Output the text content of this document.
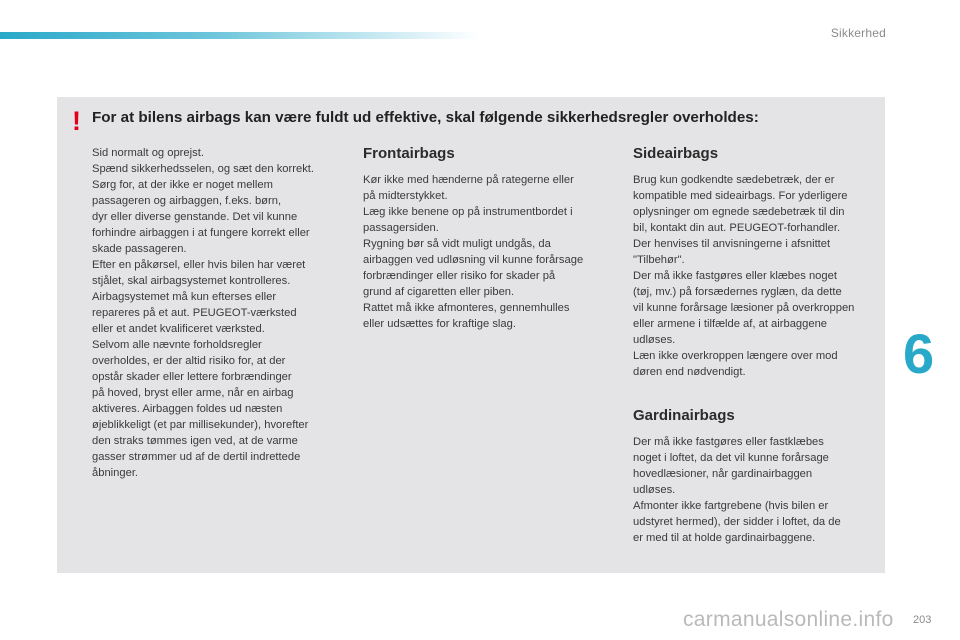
Sikkerhed
! For at bilens airbags kan være fuldt ud effektive, skal følgende sikkerhedsregler overholdes:

Sid normalt og oprejst.

Spænd sikkerhedsselen, og sæt den korrekt.

Sørg for, at der ikke er noget mellem

passageren og airbaggen, f.eks. børn,

dyr eller diverse genstande. Det vil kunne

forhindre airbaggen i at fungere korrekt eller

skade passageren.

Efter en påkørsel, eller hvis bilen har været

stjålet, skal airbagsystemet kontrolleres.

Airbagsystemet må kun efterses eller

repareres på et aut. PEUGEOT-værksted

eller et andet kvalificeret værksted.

Selvom alle nævnte forholdsregler

overholdes, er der altid risiko for, at der

opstår skader eller lettere forbrændinger

på hoved, bryst eller arme, når en airbag

aktiveres. Airbaggen foldes ud næsten

øjeblikkeligt (et par millisekunder), hvorefter

den straks tømmes igen ved, at de varme

gasser strømmer ud af de dertil indrettede

åbninger.

Frontairbags

Kør ikke med hænderne på rategerne eller

på midterstykket.

Læg ikke benene op på instrumentbordet i

passagersiden.

Rygning bør så vidt muligt undgås, da

airbaggen ved udløsning vil kunne forårsage

forbrændinger eller risiko for skader på

grund af cigaretten eller piben.

Rattet må ikke afmonteres, gennemhulles

eller udsættes for kraftige slag.

Sideairbags

Brug kun godkendte sædebetræk, der er

kompatible med sideairbags. For yderligere

oplysninger om egnede sædebetræk til din

bil, kontakt din aut. PEUGEOT-forhandler.

Der henvises til anvisningerne i afsnittet

"Tilbehør".

Der må ikke fastgøres eller klæbes noget

(tøj, mv.) på forsædernes ryglæn, da dette

vil kunne forårsage læsioner på overkroppen

eller armene i tilfælde af, at airbaggene

udløses.

Læn ikke overkroppen længere over mod

døren end nødvendigt.

Gardinairbags

Der må ikke fastgøres eller fastklæbes

noget i loftet, da det vil kunne forårsage

hovedlæsioner, når gardinairbaggen

udløses.

Afmonter ikke fartgrebene (hvis bilen er

udstyret hermed), der sidder i loftet, da de

er med til at holde gardinairbaggene.

6
203
carmanualsonline.info
